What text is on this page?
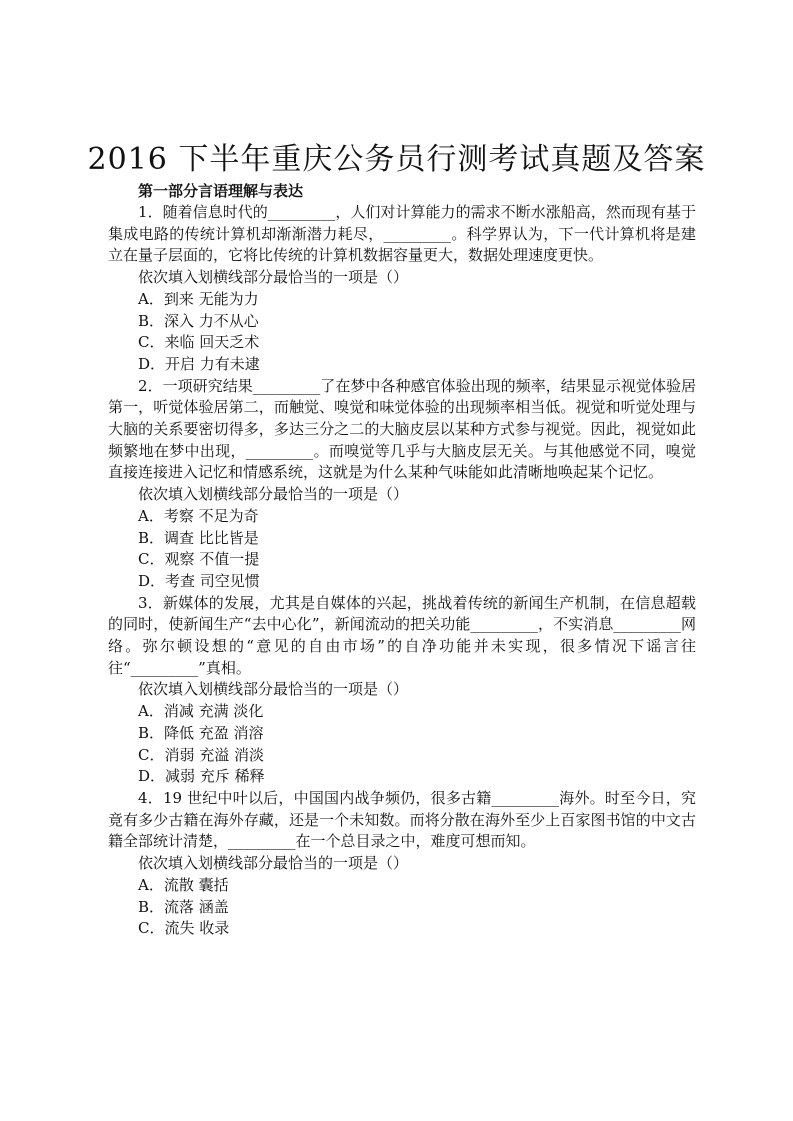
2016 下半年重庆公务员行测考试真题及答案
第一部分言语理解与表达

1．随着信息时代的_________，人们对计算能力的需求不断水涨船高，然而现有基于集成电路的传统计算机却渐渐潜力耗尽，_________。科学界认为，下一代计算机将是建立在量子层面的，它将比传统的计算机数据容量更大，数据处理速度更快。

依次填入划横线部分最恰当的一项是（）

A．到来 无能为力

B．深入 力不从心

C．来临 回天乏术

D．开启 力有未逮

2．一项研究结果_________了在梦中各种感官体验出现的频率，结果显示视觉体验居第一，听觉体验居第二，而触觉、嗅觉和味觉体验的出现频率相当低。视觉和听觉处理与大脑的关系要密切得多，多达三分之二的大脑皮层以某种方式参与视觉。因此，视觉如此频繁地在梦中出现，_________。而嗅觉等几乎与大脑皮层无关。与其他感觉不同，嗅觉直接连接进入记忆和情感系统，这就是为什么某种气味能如此清晰地唤起某个记忆。

依次填入划横线部分最恰当的一项是（）

A．考察 不足为奇

B．调查 比比皆是

C．观察 不值一提

D．考查 司空见惯

3．新媒体的发展，尤其是自媒体的兴起，挑战着传统的新闻生产机制，在信息超载的同时，使新闻生产“去中心化”，新闻流动的把关功能_________，不实消息_________网络。弥尔顿设想的“意见的自由市场”的自净功能并未实现，很多情况下谣言往往“_________”真相。

依次填入划横线部分最恰当的一项是（）

A．消减 充满 淡化

B．降低 充盈 消溶

C．消弱 充溢 消淡

D．减弱 充斥 稀释

4．19 世纪中叶以后，中国国内战争频仍，很多古籍_________海外。时至今日，究竟有多少古籍在海外存藏，还是一个未知数。而将分散在海外至少上百家图书馆的中文古籍全部统计清楚，_________在一个总目录之中，难度可想而知。

依次填入划横线部分最恰当的一项是（）

A．流散 囊括

B．流落 涵盖

C．流失 收录
